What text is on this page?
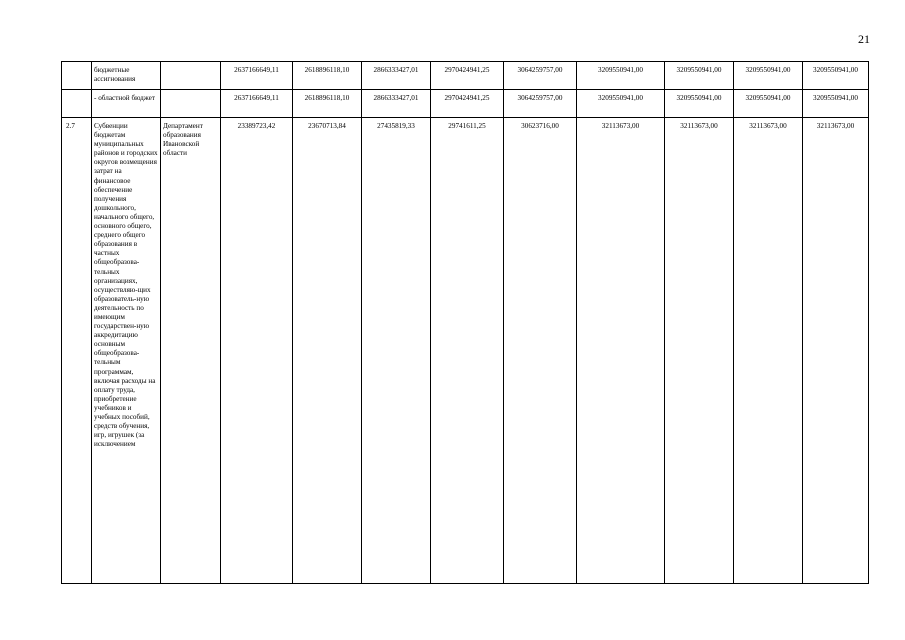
21
	бюджетные ассигнования		2637166649,11	2618896118,10	2866333427,01	2970424941,25	3064259757,00	3209550941,00	3209550941,00	3209550941,00	3209550941,00
	- областной бюджет		2637166649,11	2618896118,10	2866333427,01	2970424941,25	3064259757,00	3209550941,00	3209550941,00	3209550941,00	3209550941,00
2.7	Субвенции бюджетам муниципальных районов и городских округов возмещения затрат на финансовое обеспечение получения дошкольного, начального общего, основного общего, среднего общего образования в частных общеобразова-тельных организациях, осуществляю-щих образователь-ную деятельность по имеющим государствен-ную аккредитацию основным общеобразова-тельным программам, включая расходы на оплату труда, приобретение учебников и учебных пособий, средств обучения, игр, игрушек (за исключением	Департамент образования Ивановской области	23389723,42	23670713,84	27435819,33	29741611,25	30623716,00	32113673,00	32113673,00	32113673,00	32113673,00
